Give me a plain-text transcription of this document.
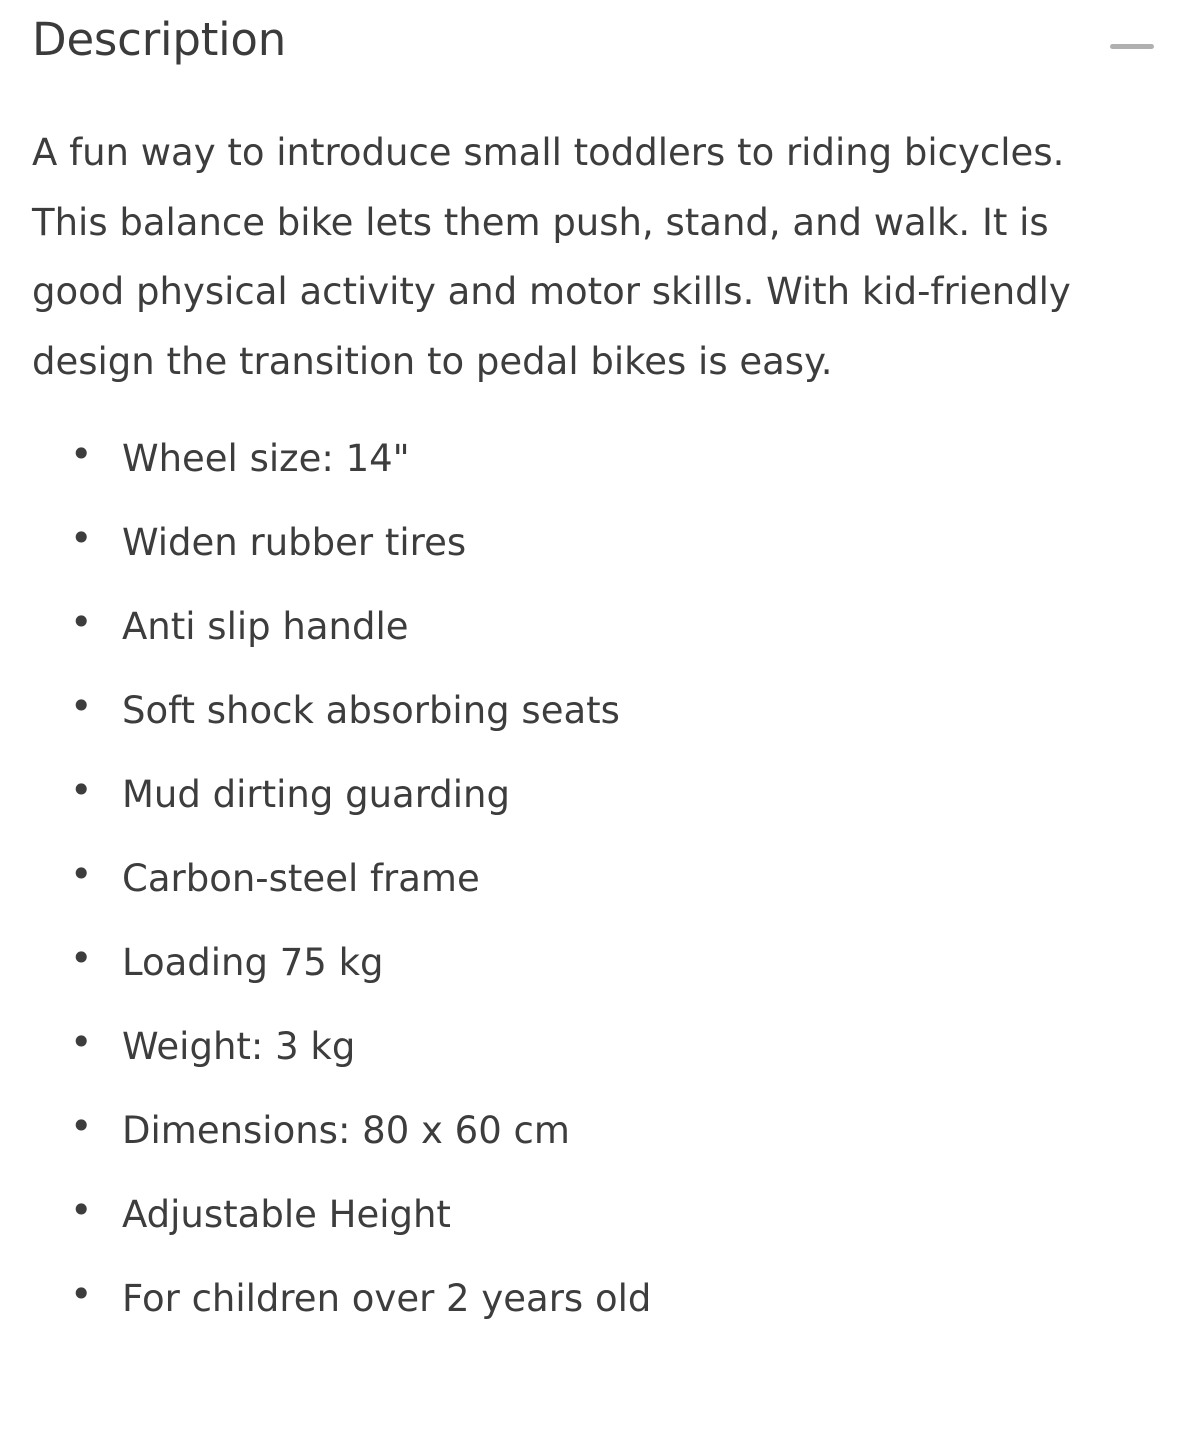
Description

A fun way to introduce small toddlers to riding bicycles. This balance bike lets them push, stand, and walk. It is good physical activity and motor skills. With kid-friendly design the transition to pedal bikes is easy.

• Wheel size: 14"
• Widen rubber tires
• Anti slip handle
• Soft shock absorbing seats
• Mud dirting guarding
• Carbon-steel frame
• Loading 75 kg
• Weight: 3 kg
• Dimensions: 80 x 60 cm
• Adjustable Height
• For children over 2 years old
